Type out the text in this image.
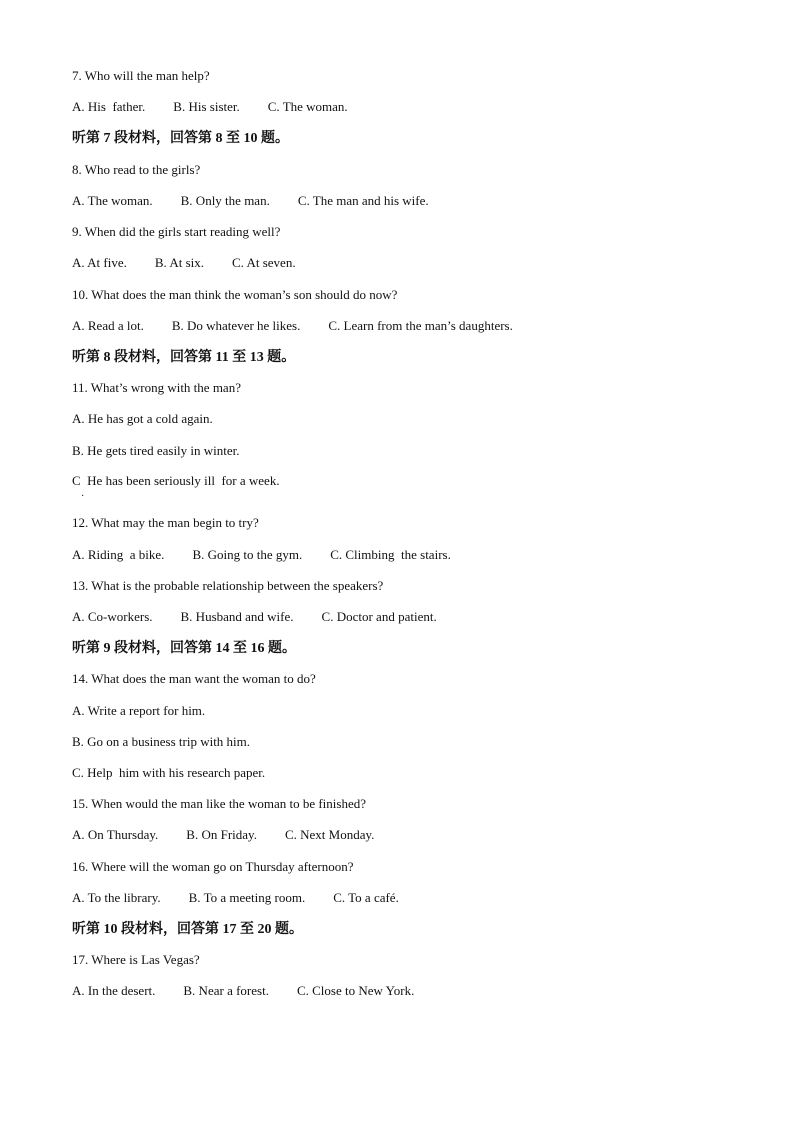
7. Who will the man help?
A. His  father. B. His sister. C. The woman.
听第 7 段材料，回答第 8 至 10 题。
8. Who read to the girls?
A. The woman. B. Only the man. C. The man and his wife.
9. When did the girls start reading well?
A. At five. B. At six. C. At seven.
10. What does the man think the woman’s son should do now?
A. Read a lot. B. Do whatever he likes. C. Learn from the man’s daughters.
听第 8 段材料，回答第 11 至 13 题。
11. What’s wrong with the man?
A. He has got a cold again.
B. He gets tired easily in winter.
C  He has been seriously ill  for a week.
12. What may the man begin to try?
A. Riding  a bike. B. Going to the gym. C. Climbing  the stairs.
13. What is the probable relationship between the speakers?
A. Co-workers. B. Husband and wife. C. Doctor and patient.
听第 9 段材料，回答第 14 至 16 题。
14. What does the man want the woman to do?
A. Write a report for him.
B. Go on a business trip with him.
C. Help  him with his research paper.
15. When would the man like the woman to be finished?
A. On Thursday. B. On Friday. C. Next Monday.
16. Where will the woman go on Thursday afternoon?
A. To the library. B. To a meeting room. C. To a café.
听第 10 段材料，回答第 17 至 20 题。
17. Where is Las Vegas?
A. In the desert. B. Near a forest. C. Close to New York.
·
